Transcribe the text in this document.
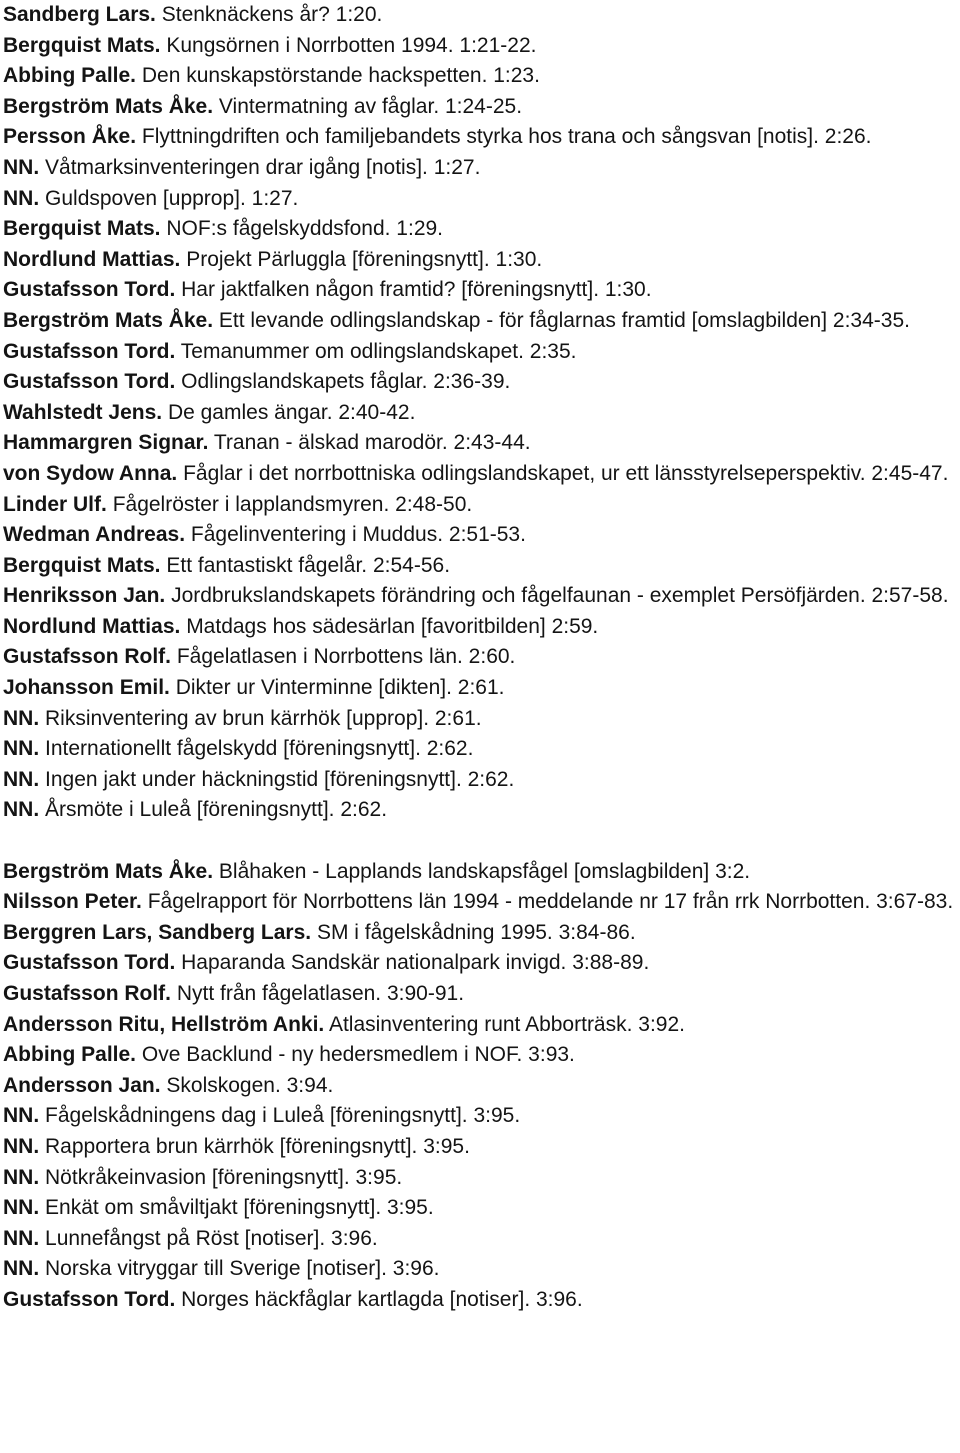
Sandberg Lars. Stenknäckens år? 1:20.

Bergquist Mats. Kungsörnen i Norrbotten 1994. 1:21-22.

Abbing Palle. Den kunskapstörstande hackspetten. 1:23.

Bergström Mats Åke. Vintermatning av fåglar. 1:24-25.

Persson Åke. Flyttningdriften och familjebandets styrka hos trana och sångsvan [notis]. 2:26.

NN. Våtmarksinventeringen drar igång [notis]. 1:27.

NN. Guldspoven [upprop]. 1:27.

Bergquist Mats. NOF:s fågelskyddsfond. 1:29.

Nordlund Mattias. Projekt Pärluggla [föreningsnytt]. 1:30.

Gustafsson Tord. Har jaktfalken någon framtid? [föreningsnytt]. 1:30.

Bergström Mats Åke. Ett levande odlingslandskap - för fåglarnas framtid [omslagbilden] 2:34-35.

Gustafsson Tord. Temanummer om odlingslandskapet. 2:35.

Gustafsson Tord. Odlingslandskapets fåglar. 2:36-39.

Wahlstedt Jens. De gamles ängar. 2:40-42.

Hammargren Signar. Tranan - älskad marodör. 2:43-44.

von Sydow Anna. Fåglar i det norrbottniska odlingslandskapet, ur ett länsstyrelseperspektiv. 2:45-47.

Linder Ulf. Fågelröster i lapplandsmyren. 2:48-50.

Wedman Andreas. Fågelinventering i Muddus. 2:51-53.

Bergquist Mats. Ett fantastiskt fågelår. 2:54-56.

Henriksson Jan. Jordbrukslandskapets förändring och fågelfaunan - exemplet Persöfjärden. 2:57-58.

Nordlund Mattias. Matdags hos sädesärlan [favoritbilden] 2:59.

Gustafsson Rolf. Fågelatlasen i Norrbottens län. 2:60.

Johansson Emil. Dikter ur Vinterminne [dikten]. 2:61.

NN. Riksinventering av brun kärrhök [upprop]. 2:61.

NN. Internationellt fågelskydd [föreningsnytt]. 2:62.

NN. Ingen jakt under häckningstid [föreningsnytt]. 2:62.

NN. Årsmöte i Luleå [föreningsnytt]. 2:62.

Bergström Mats Åke. Blåhaken - Lapplands landskapsfågel [omslagbilden] 3:2.

Nilsson Peter. Fågelrapport för Norrbottens län 1994 - meddelande nr 17 från rrk Norrbotten. 3:67-83.

Berggren Lars, Sandberg Lars. SM i fågelskådning 1995. 3:84-86.

Gustafsson Tord. Haparanda Sandskär nationalpark invigd. 3:88-89.

Gustafsson Rolf. Nytt från fågelatlasen. 3:90-91.

Andersson Ritu, Hellström Anki. Atlasinventering runt Abborträsk. 3:92.

Abbing Palle. Ove Backlund - ny hedersmedlem i NOF. 3:93.

Andersson Jan. Skolskogen. 3:94.

NN. Fågelskådningens dag i Luleå [föreningsnytt]. 3:95.

NN. Rapportera brun kärrhök [föreningsnytt]. 3:95.

NN. Nötkråkeinvasion [föreningsnytt]. 3:95.

NN. Enkät om småviltjakt [föreningsnytt]. 3:95.

NN. Lunnefångst på Röst [notiser]. 3:96.

NN. Norska vitryggar till Sverige [notiser]. 3:96.

Gustafsson Tord. Norges häckfåglar kartlagda [notiser]. 3:96.
